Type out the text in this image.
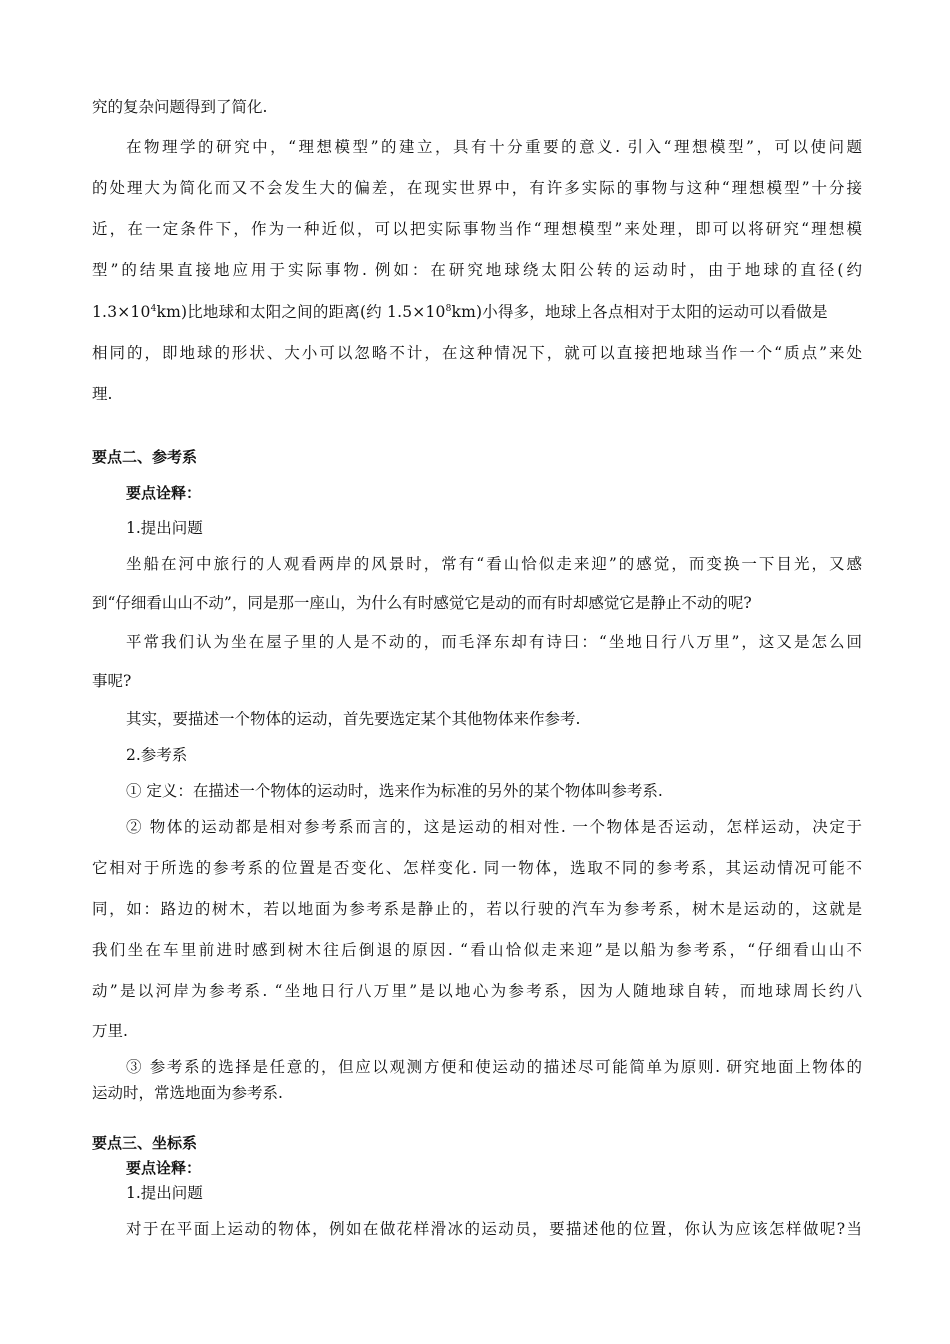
究的复杂问题得到了简化.
在物理学的研究中，“理想模型”的建立，具有十分重要的意义. 引入“理想模型”，可以使问题
的处理大为简化而又不会发生大的偏差，在现实世界中，有许多实际的事物与这种“理想模型”十分接
近，在一定条件下，作为一种近似，可以把实际事物当作“理想模型”来处理，即可以将研究“理想模
型”的结果直接地应用于实际事物. 例如：在研究地球绕太阳公转的运动时，由于地球的直径(约
$1.3\times 10^4km$)比地球和太阳之间的距离(约 $1.5\times 10^8km$)小得多，地球上各点相对于太阳的运动可以看做是
相同的，即地球的形状、大小可以忽略不计，在这种情况下，就可以直接把地球当作一个“质点”来处
理.
要点二、参考系
要点诠释：
1.提出问题
坐船在河中旅行的人观看两岸的风景时，常有“看山恰似走来迎”的感觉，而变换一下目光，又感
到“仔细看山山不动”，同是那一座山，为什么有时感觉它是动的而有时却感觉它是静止不动的呢?
平常我们认为坐在屋子里的人是不动的，而毛泽东却有诗曰：“坐地日行八万里”，这又是怎么回
事呢?
其实，要描述一个物体的运动，首先要选定某个其他物体来作参考.
2.参考系
① 定义：在描述一个物体的运动时，选来作为标准的另外的某个物体叫参考系.
② 物体的运动都是相对参考系而言的，这是运动的相对性. 一个物体是否运动，怎样运动，决定于
它相对于所选的参考系的位置是否变化、怎样变化. 同一物体，选取不同的参考系，其运动情况可能不
同，如：路边的树木，若以地面为参考系是静止的，若以行驶的汽车为参考系，树木是运动的，这就是
我们坐在车里前进时感到树木往后倒退的原因. “看山恰似走来迎”是以船为参考系，“仔细看山山不
动”是以河岸为参考系. “坐地日行八万里”是以地心为参考系，因为人随地球自转，而地球周长约八
万里.
③ 参考系的选择是任意的，但应以观测方便和使运动的描述尽可能简单为原则. 研究地面上物体的
运动时，常选地面为参考系.
要点三、坐标系
要点诠释：
1.提出问题
对于在平面上运动的物体，例如在做花样滑冰的运动员，要描述他的位置，你认为应该怎样做呢?当
